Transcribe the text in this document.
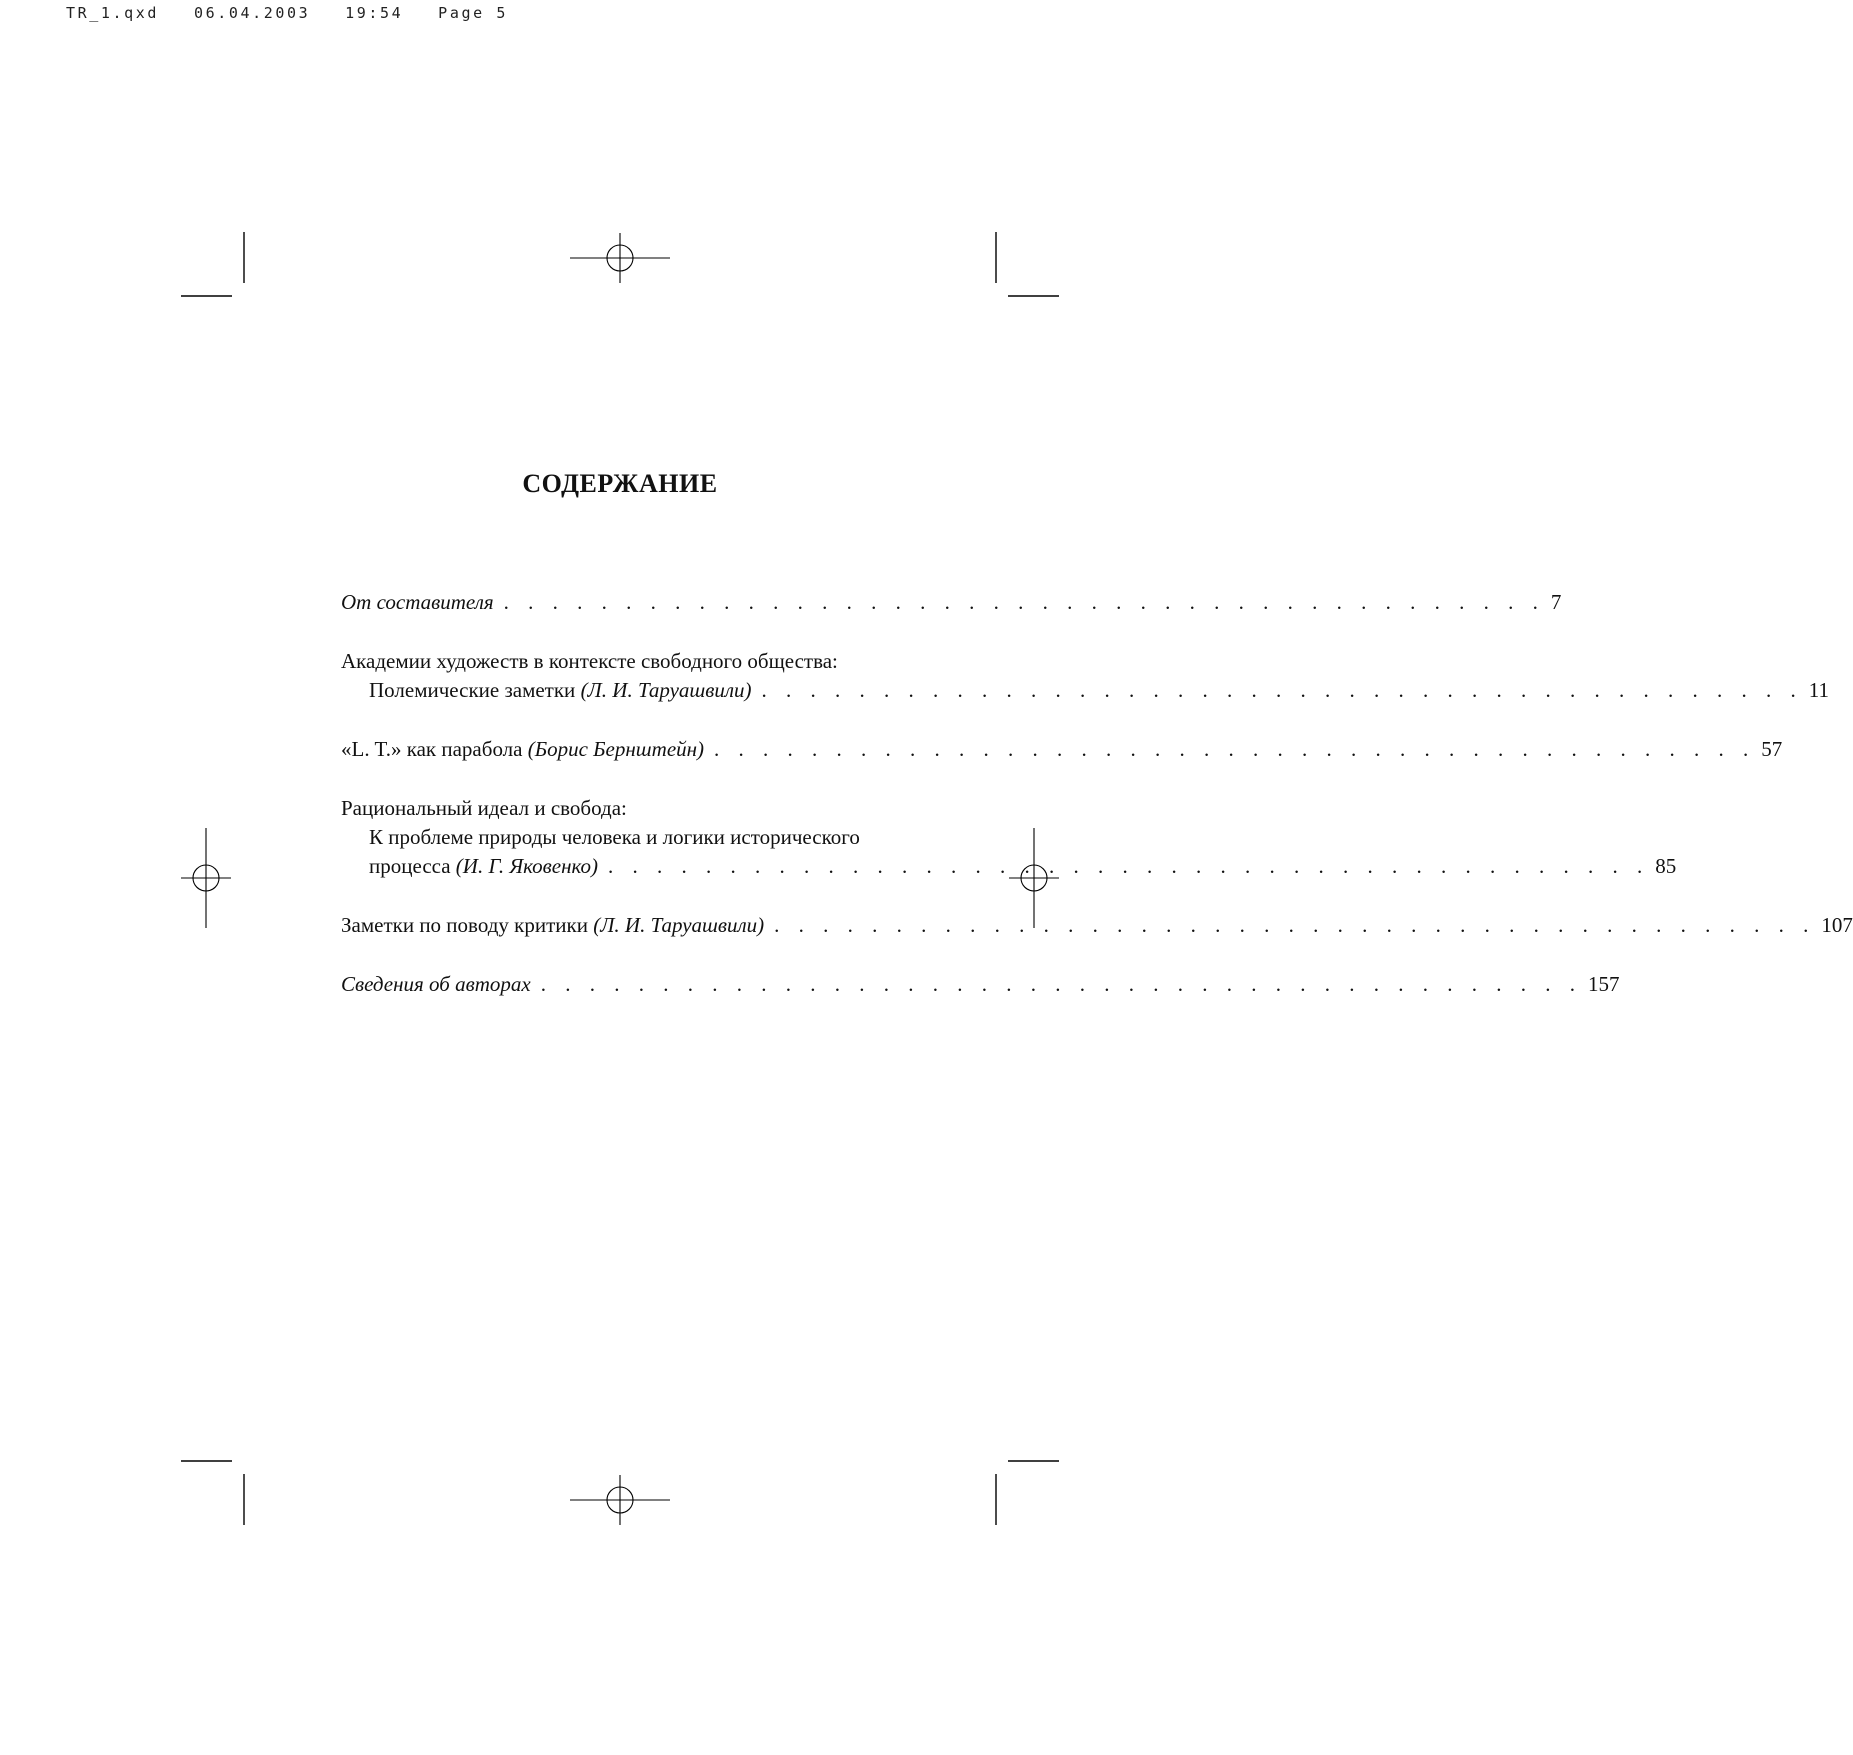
TR_1.qxd   06.04.2003   19:54   Page 5
СОДЕРЖАНИЕ
От составителя . . . . . . . . . . . . . . . . . . . . . . . . . . . . . . . . . . . . . . . . . . . 7
Академии художеств в контексте свободного общества:
Полемические заметки
(Л. И. Таруашвили) . . . . . . . . . . . . . . . . . . . . . . . . . . . . . . . . . . . . . . . . . . . 11
«L. T.» как парабола
(Борис Бернштейн) . . . . . . . . . . . . . . . . . . . . . . . . . . . . . . . . . . . . . . . . . . . 57
Рациональный идеал и свобода:
К проблеме природы человека и логики исторического
процесса
(И. Г. Яковенко) . . . . . . . . . . . . . . . . . . . . . . . . . . . . . . . . . . . . . . . . . . . 85
Заметки по поводу критики
(Л. И. Таруашвили) . . . . . . . . . . . . . . . . . . . . . . . . . . . . . . . . . . . . . . . . . . . 107
Сведения об авторах . . . . . . . . . . . . . . . . . . . . . . . . . . . . . . . . . . . . . . . . . . . 157
